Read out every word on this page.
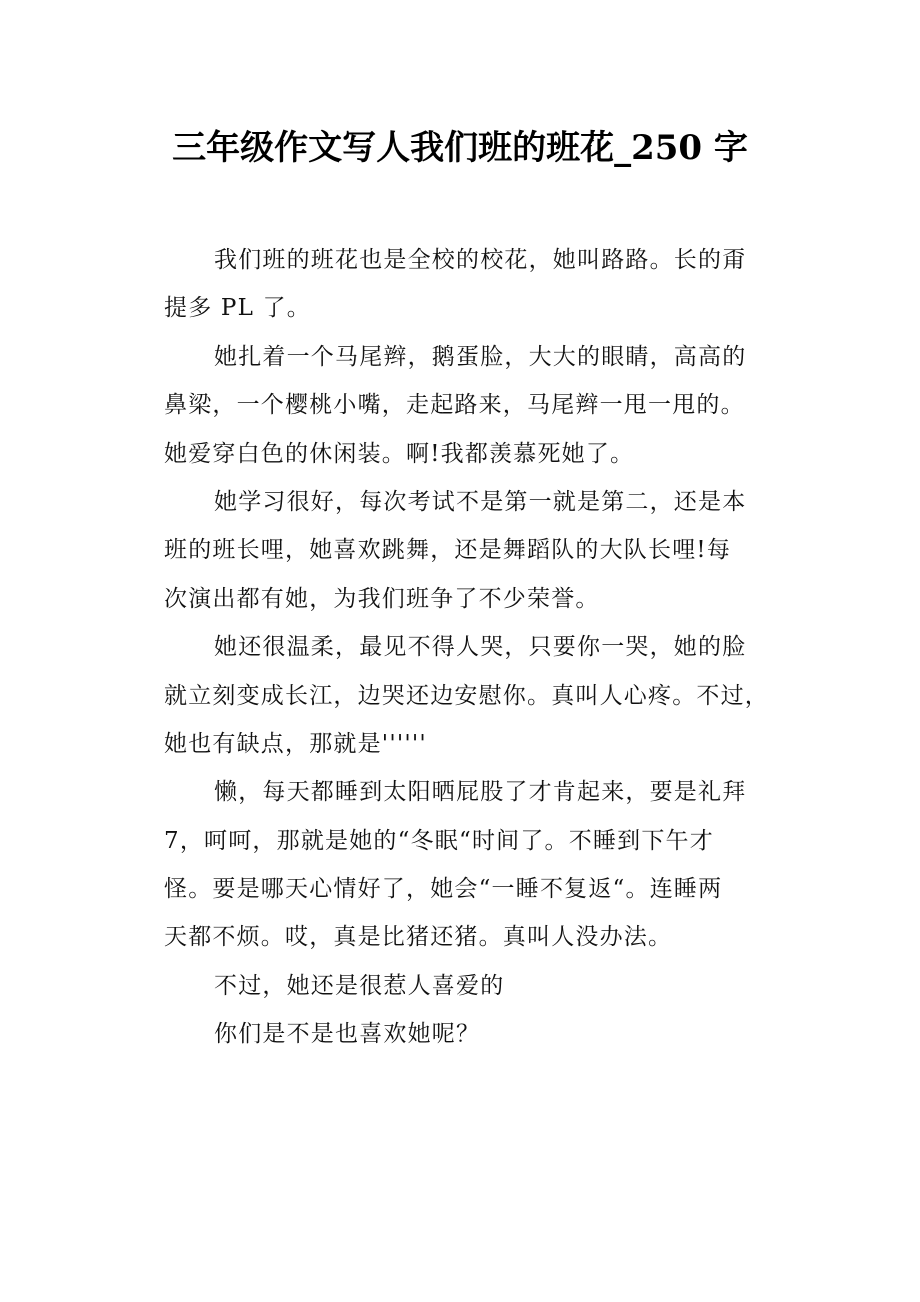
三年级作文写人我们班的班花_250 字
我们班的班花也是全校的校花，她叫路路。长的甭
提多 PL 了。
她扎着一个马尾辫，鹅蛋脸，大大的眼睛，高高的
鼻梁，一个樱桃小嘴，走起路来，马尾辫一甩一甩的。
她爱穿白色的休闲装。啊!我都羡慕死她了。
她学习很好，每次考试不是第一就是第二，还是本
班的班长哩，她喜欢跳舞，还是舞蹈队的大队长哩!每
次演出都有她，为我们班争了不少荣誉。
她还很温柔，最见不得人哭，只要你一哭，她的脸
就立刻变成长江，边哭还边安慰你。真叫人心疼。不过，
她也有缺点，那就是''''''
懒，每天都睡到太阳晒屁股了才肯起来，要是礼拜
7，呵呵，那就是她的“冬眠“时间了。不睡到下午才
怪。要是哪天心情好了，她会“一睡不复返“。连睡两
天都不烦。哎，真是比猪还猪。真叫人没办法。
不过，她还是很惹人喜爱的
你们是不是也喜欢她呢？
